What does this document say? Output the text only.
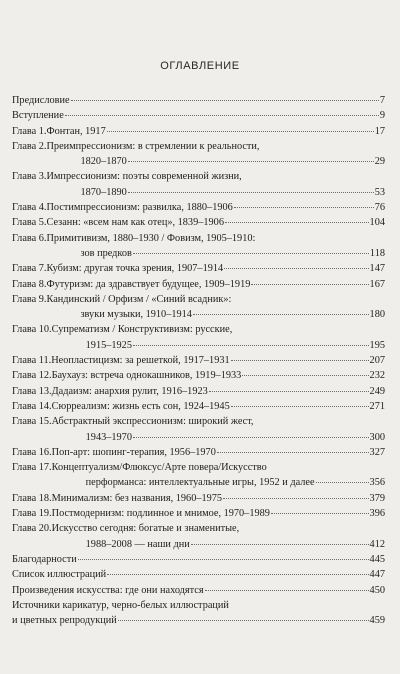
ОГЛАВЛЕНИЕ
Предисловие	7
Вступление	9
Глава 1. Фонтан, 1917	17
Глава 2. Преимпрессионизм: в стремлении к реальности,
1820–1870	29
Глава 3. Импрессионизм: поэты современной жизни,
1870–1890	53
Глава 4. Постимпрессионизм: развилка, 1880–1906	76
Глава 5. Сезанн: «всем нам как отец», 1839–1906	104
Глава 6. Примитивизм, 1880–1930 / Фовизм, 1905–1910:
зов предков	118
Глава 7. Кубизм: другая точка зрения, 1907–1914	147
Глава 8. Футуризм: да здравствует будущее, 1909–1919	167
Глава 9. Кандинский / Орфизм / «Синий всадник»:
звуки музыки, 1910–1914	180
Глава 10. Супрематизм / Конструктивизм: русские,
1915–1925	195
Глава 11. Неопластицизм: за решеткой, 1917–1931	207
Глава 12. Баухауз: встреча однокашников, 1919–1933	232
Глава 13. Дадаизм: анархия рулит, 1916–1923	249
Глава 14. Сюрреализм: жизнь есть сон, 1924–1945	271
Глава 15. Абстрактный экспрессионизм: широкий жест,
1943–1970	300
Глава 16. Поп-арт: шопинг-терапия, 1956–1970	327
Глава 17. Концептуализм/Флюксус/Арте повера/Искусство
перформанса: интеллектуальные игры, 1952 и далее	356
Глава 18. Минимализм: без названия, 1960–1975	379
Глава 19. Постмодернизм: подлинное и мнимое, 1970–1989	396
Глава 20. Искусство сегодня: богатые и знаменитые,
1988–2008 — наши дни	412
Благодарности	445
Список иллюстраций	447
Произведения искусства: где они находятся	450
Источники карикатур, черно-белых иллюстраций
и цветных репродукций	459
